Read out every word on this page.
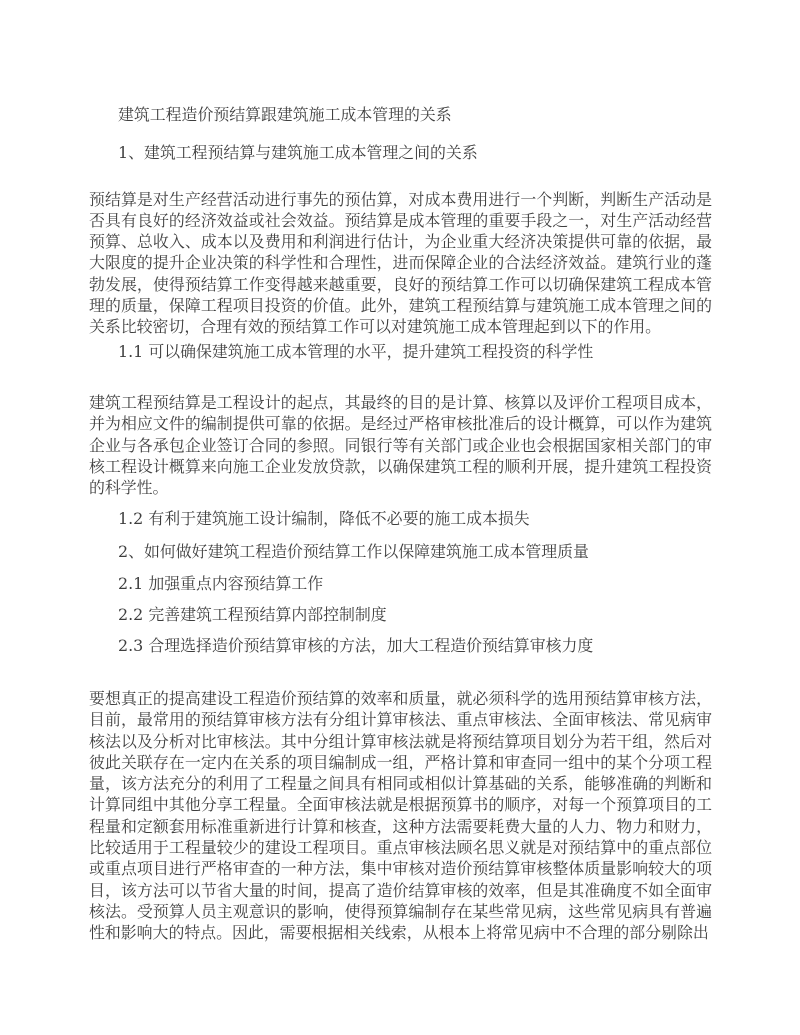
建筑工程造价预结算跟建筑施工成本管理的关系
1、建筑工程预结算与建筑施工成本管理之间的关系
预结算是对生产经营活动进行事先的预估算，对成本费用进行一个判断，判断生产活动是否具有良好的经济效益或社会效益。预结算是成本管理的重要手段之一，对生产活动经营预算、总收入、成本以及费用和利润进行估计，为企业重大经济决策提供可靠的依据，最大限度的提升企业决策的科学性和合理性，进而保障企业的合法经济效益。建筑行业的蓬勃发展，使得预结算工作变得越来越重要，良好的预结算工作可以切确保建筑工程成本管理的质量，保障工程项目投资的价值。此外，建筑工程预结算与建筑施工成本管理之间的关系比较密切，合理有效的预结算工作可以对建筑施工成本管理起到以下的作用。
1.1 可以确保建筑施工成本管理的水平，提升建筑工程投资的科学性
建筑工程预结算是工程设计的起点，其最终的目的是计算、核算以及评价工程项目成本，并为相应文件的编制提供可靠的依据。是经过严格审核批准后的设计概算，可以作为建筑企业与各承包企业签订合同的参照。同银行等有关部门或企业也会根据国家相关部门的审核工程设计概算来向施工企业发放贷款，以确保建筑工程的顺利开展，提升建筑工程投资的科学性。
1.2 有利于建筑施工设计编制，降低不必要的施工成本损失
2、如何做好建筑工程造价预结算工作以保障建筑施工成本管理质量
2.1 加强重点内容预结算工作
2.2 完善建筑工程预结算内部控制制度
2.3 合理选择造价预结算审核的方法，加大工程造价预结算审核力度
要想真正的提高建设工程造价预结算的效率和质量，就必须科学的选用预结算审核方法，目前，最常用的预结算审核方法有分组计算审核法、重点审核法、全面审核法、常见病审核法以及分析对比审核法。其中分组计算审核法就是将预结算项目划分为若干组，然后对彼此关联存在一定内在关系的项目编制成一组，严格计算和审查同一组中的某个分项工程量，该方法充分的利用了工程量之间具有相同或相似计算基础的关系，能够准确的判断和计算同组中其他分享工程量。全面审核法就是根据预算书的顺序，对每一个预算项目的工程量和定额套用标准重新进行计算和核查，这种方法需要耗费大量的人力、物力和财力，比较适用于工程量较少的建设工程项目。重点审核法顾名思义就是对预结算中的重点部位或重点项目进行严格审查的一种方法，集中审核对造价预结算审核整体质量影响较大的项目，该方法可以节省大量的时间，提高了造价结算审核的效率，但是其准确度不如全面审核法。受预算人员主观意识的影响，使得预算编制存在某些常见病，这些常见病具有普遍性和影响大的特点。因此，需要根据相关线索，从根本上将常见病中不合理的部分剔除出
